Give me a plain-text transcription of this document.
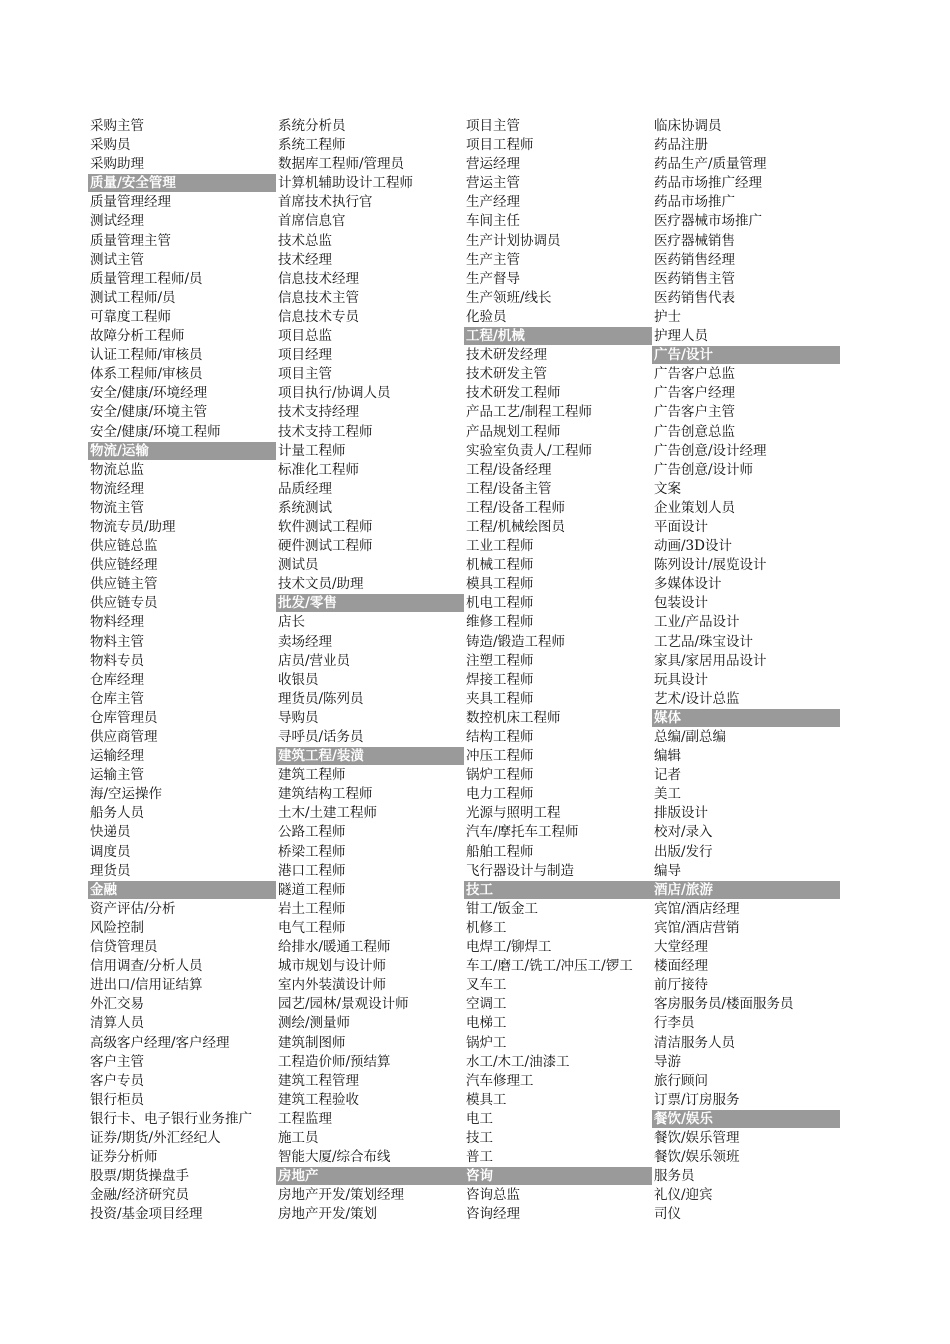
采购主管
采购员
采购助理
质量/安全管理
质量管理经理
测试经理
质量管理主管
测试主管
质量管理工程师/员
测试工程师/员
可靠度工程师
故障分析工程师
认证工程师/审核员
体系工程师/审核员
安全/健康/环境经理
安全/健康/环境主管
安全/健康/环境工程师
物流/运输
物流总监
物流经理
物流主管
物流专员/助理
供应链总监
供应链经理
供应链主管
供应链专员
物料经理
物料主管
物料专员
仓库经理
仓库主管
仓库管理员
供应商管理
运输经理
运输主管
海/空运操作
船务人员
快递员
调度员
理货员
金融
资产评估/分析
风险控制
信贷管理员
信用调查/分析人员
进出口/信用证结算
外汇交易
清算人员
高级客户经理/客户经理
客户主管
客户专员
银行柜员
银行卡、电子银行业务推广
证券/期货/外汇经纪人
证券分析师
股票/期货操盘手
金融/经济研究员
投资/基金项目经理
系统分析员
系统工程师
数据库工程师/管理员
计算机辅助设计工程师
首席技术执行官
首席信息官
技术总监
技术经理
信息技术经理
信息技术主管
信息技术专员
项目总监
项目经理
项目主管
项目执行/协调人员
技术支持经理
技术支持工程师
计量工程师
标准化工程师
品质经理
系统测试
软件测试工程师
硬件测试工程师
测试员
技术文员/助理
批发/零售
店长
卖场经理
店员/营业员
收银员
理货员/陈列员
导购员
寻呼员/话务员
建筑工程/装潢
建筑工程师
建筑结构工程师
土木/土建工程师
公路工程师
桥梁工程师
港口工程师
隧道工程师
岩土工程师
电气工程师
给排水/暖通工程师
城市规划与设计师
室内外装潢设计师
园艺/园林/景观设计师
测绘/测量师
建筑制图师
工程造价师/预结算
建筑工程管理
建筑工程验收
工程监理
施工员
智能大厦/综合布线
房地产
房地产开发/策划经理
房地产开发/策划
项目主管
项目工程师
营运经理
营运主管
生产经理
车间主任
生产计划协调员
生产主管
生产督导
生产领班/线长
化验员
工程/机械
技术研发经理
技术研发主管
技术研发工程师
产品工艺/制程工程师
产品规划工程师
实验室负责人/工程师
工程/设备经理
工程/设备主管
工程/设备工程师
工程/机械绘图员
工业工程师
机械工程师
模具工程师
机电工程师
维修工程师
铸造/锻造工程师
注塑工程师
焊接工程师
夹具工程师
数控机床工程师
结构工程师
冲压工程师
锅炉工程师
电力工程师
光源与照明工程
汽车/摩托车工程师
船舶工程师
飞行器设计与制造
技工
钳工/钣金工
机修工
电焊工/铆焊工
车工/磨工/铣工/冲压工/锣工
叉车工
空调工
电梯工
锅炉工
水工/木工/油漆工
汽车修理工
模具工
电工
技工
普工
咨询
咨询总监
咨询经理
临床协调员
药品注册
药品生产/质量管理
药品市场推广经理
药品市场推广
医疗器械市场推广
医疗器械销售
医药销售经理
医药销售主管
医药销售代表
护士
护理人员
广告/设计
广告客户总监
广告客户经理
广告客户主管
广告创意总监
广告创意/设计经理
广告创意/设计师
文案
企业策划人员
平面设计
动画/3D设计
陈列设计/展览设计
多媒体设计
包装设计
工业/产品设计
工艺品/珠宝设计
家具/家居用品设计
玩具设计
艺术/设计总监
媒体
总编/副总编
编辑
记者
美工
排版设计
校对/录入
出版/发行
编导
酒店/旅游
宾馆/酒店经理
宾馆/酒店营销
大堂经理
楼面经理
前厅接待
客房服务员/楼面服务员
行李员
清洁服务人员
导游
旅行顾问
订票/订房服务
餐饮/娱乐
餐饮/娱乐管理
餐饮/娱乐领班
服务员
礼仪/迎宾
司仪
